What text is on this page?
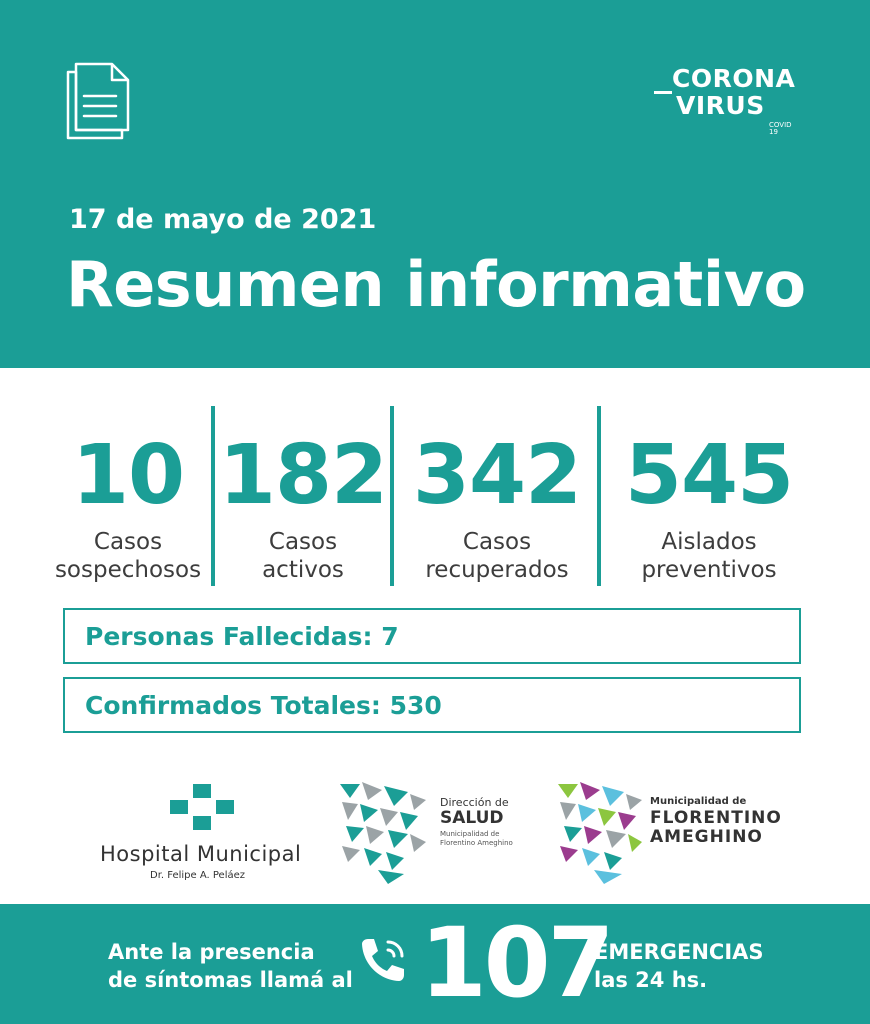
CORONA
VIRUS
COVID 19
17 de mayo de 2021
Resumen informativo
10
Casos
sospechosos
182
Casos
activos
342
Casos
recuperados
545
Aislados
preventivos
Personas Fallecidas: 7
Confirmados Totales: 530
Hospital Municipal
Dr. Felipe A. Peláez
Dirección de
SALUD
Municipalidad de Florentino Ameghino
Municipalidad de
FLORENTINO
AMEGHINO
Ante la presencia
de síntomas llamá al 107
EMERGENCIAS
las 24 hs.
